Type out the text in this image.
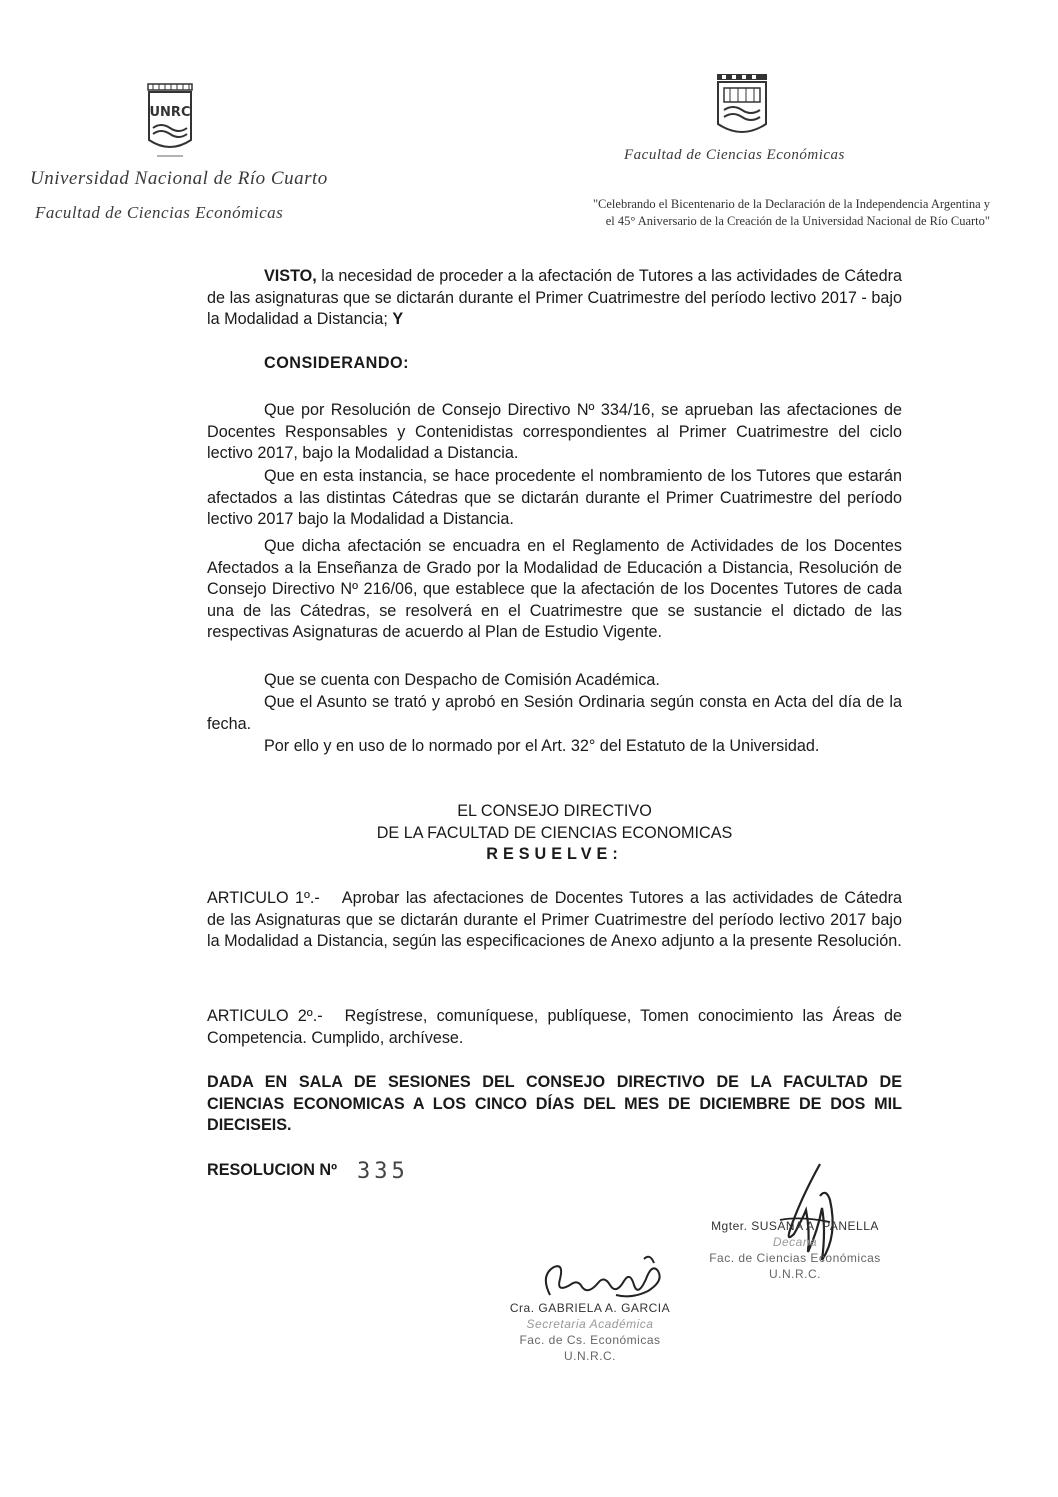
UNRC
Universidad Nacional de Río Cuarto
Facultad de Ciencias Económicas
Facultad de Ciencias Económicas
"Celebrando el Bicentenario de la Declaración de la Independencia Argentina y
el 45° Aniversario de la Creación de la Universidad Nacional de Río Cuarto"
VISTO, la necesidad de proceder a la afectación de Tutores a las actividades de Cátedra de las asignaturas que se dictarán durante el Primer Cuatrimestre del período lectivo 2017 - bajo la Modalidad a Distancia; Y
CONSIDERANDO:
Que por Resolución de Consejo Directivo Nº 334/16, se aprueban las afectaciones de Docentes Responsables y Contenidistas correspondientes al Primer Cuatrimestre del ciclo lectivo 2017, bajo la Modalidad a Distancia.
Que en esta instancia, se hace procedente el nombramiento de los Tutores que estarán afectados a las distintas Cátedras que se dictarán durante el Primer Cuatrimestre del período lectivo 2017 bajo la Modalidad a Distancia.
Que dicha afectación se encuadra en el Reglamento de Actividades de los Docentes Afectados a la Enseñanza de Grado por la Modalidad de Educación a Distancia, Resolución de Consejo Directivo Nº 216/06, que establece que la afectación de los Docentes Tutores de cada una de las Cátedras, se resolverá en el Cuatrimestre que se sustancie el dictado de las respectivas Asignaturas de acuerdo al Plan de Estudio Vigente.
Que se cuenta con Despacho de Comisión Académica.
Que el Asunto se trató y aprobó en Sesión Ordinaria según consta en Acta del día de la fecha.
Por ello y en uso de lo normado por el Art. 32° del Estatuto de la Universidad.
EL CONSEJO DIRECTIVO
DE LA FACULTAD DE CIENCIAS ECONOMICAS
RESUELVE:
ARTICULO 1º.- Aprobar las afectaciones de Docentes Tutores a las actividades de Cátedra de las Asignaturas que se dictarán durante el Primer Cuatrimestre del período lectivo 2017 bajo la Modalidad a Distancia, según las especificaciones de Anexo adjunto a la presente Resolución.
ARTICULO 2º.- Regístrese, comuníquese, publíquese, Tomen conocimiento las Áreas de Competencia. Cumplido, archívese.
DADA EN SALA DE SESIONES DEL CONSEJO DIRECTIVO DE LA FACULTAD DE CIENCIAS ECONOMICAS A LOS CINCO DÍAS DEL MES DE DICIEMBRE DE DOS MIL DIECISEIS.
RESOLUCION Nº 335
Cra. GABRIELA A. GARCIA
Secretaria Académica
Fac. de Cs. Económicas
U.N.R.C.
Mgter. SUSANA A. PANELLA
Decana
Fac. de Ciencias Económicas
U.N.R.C.
